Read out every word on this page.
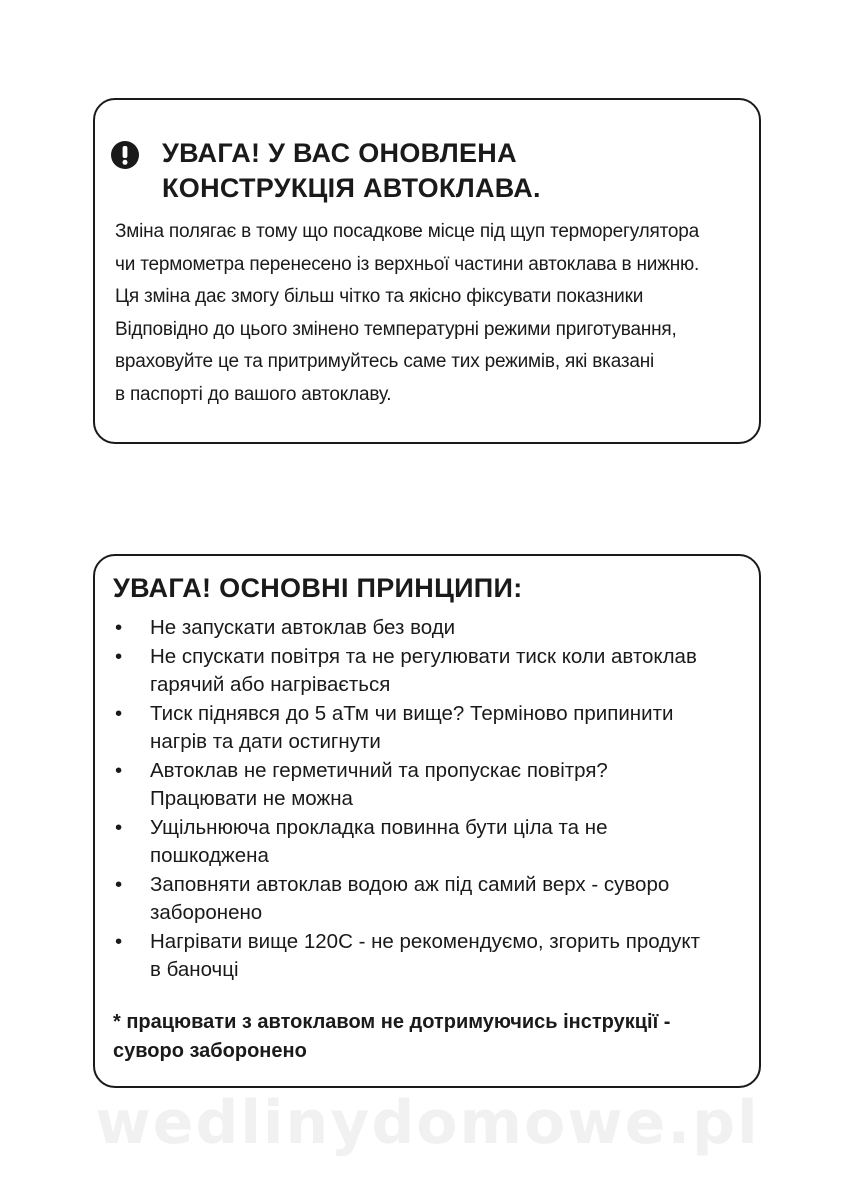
УВАГА! У ВАС ОНОВЛЕНА
КОНСТРУКЦІЯ АВТОКЛАВА.
Зміна полягає в тому що посадкове місце під щуп терморегулятора
чи термометра перенесено із верхньої частини автоклава в нижню.
Ця зміна дає змогу більш чітко та якісно фіксувати показники
Відповідно до цього змінено температурні режими приготування,
враховуйте це та притримуйтесь саме тих режимів, які вказані
в паспорті до вашого автоклаву.
УВАГА! ОСНОВНІ ПРИНЦИПИ:
• Не запускати автоклав без води
• Не спускати повітря та не регулювати тиск коли автоклав
гарячий або нагрівається
• Тиск піднявся до 5 аТм чи вище? Терміново припинити
нагрів та дати остигнути
• Автоклав не герметичний та пропускає повітря?
Працювати не можна
• Ущільнююча прокладка повинна бути ціла та не
пошкоджена
• Заповняти автоклав водою аж під самий верх - суворо
заборонено
• Нагрівати вище 120С - не рекомендуємо, згорить продукт
в баночці
* працювати з автоклавом не дотримуючись інструкції -
суворо заборонено
wedlinydomowe.pl
